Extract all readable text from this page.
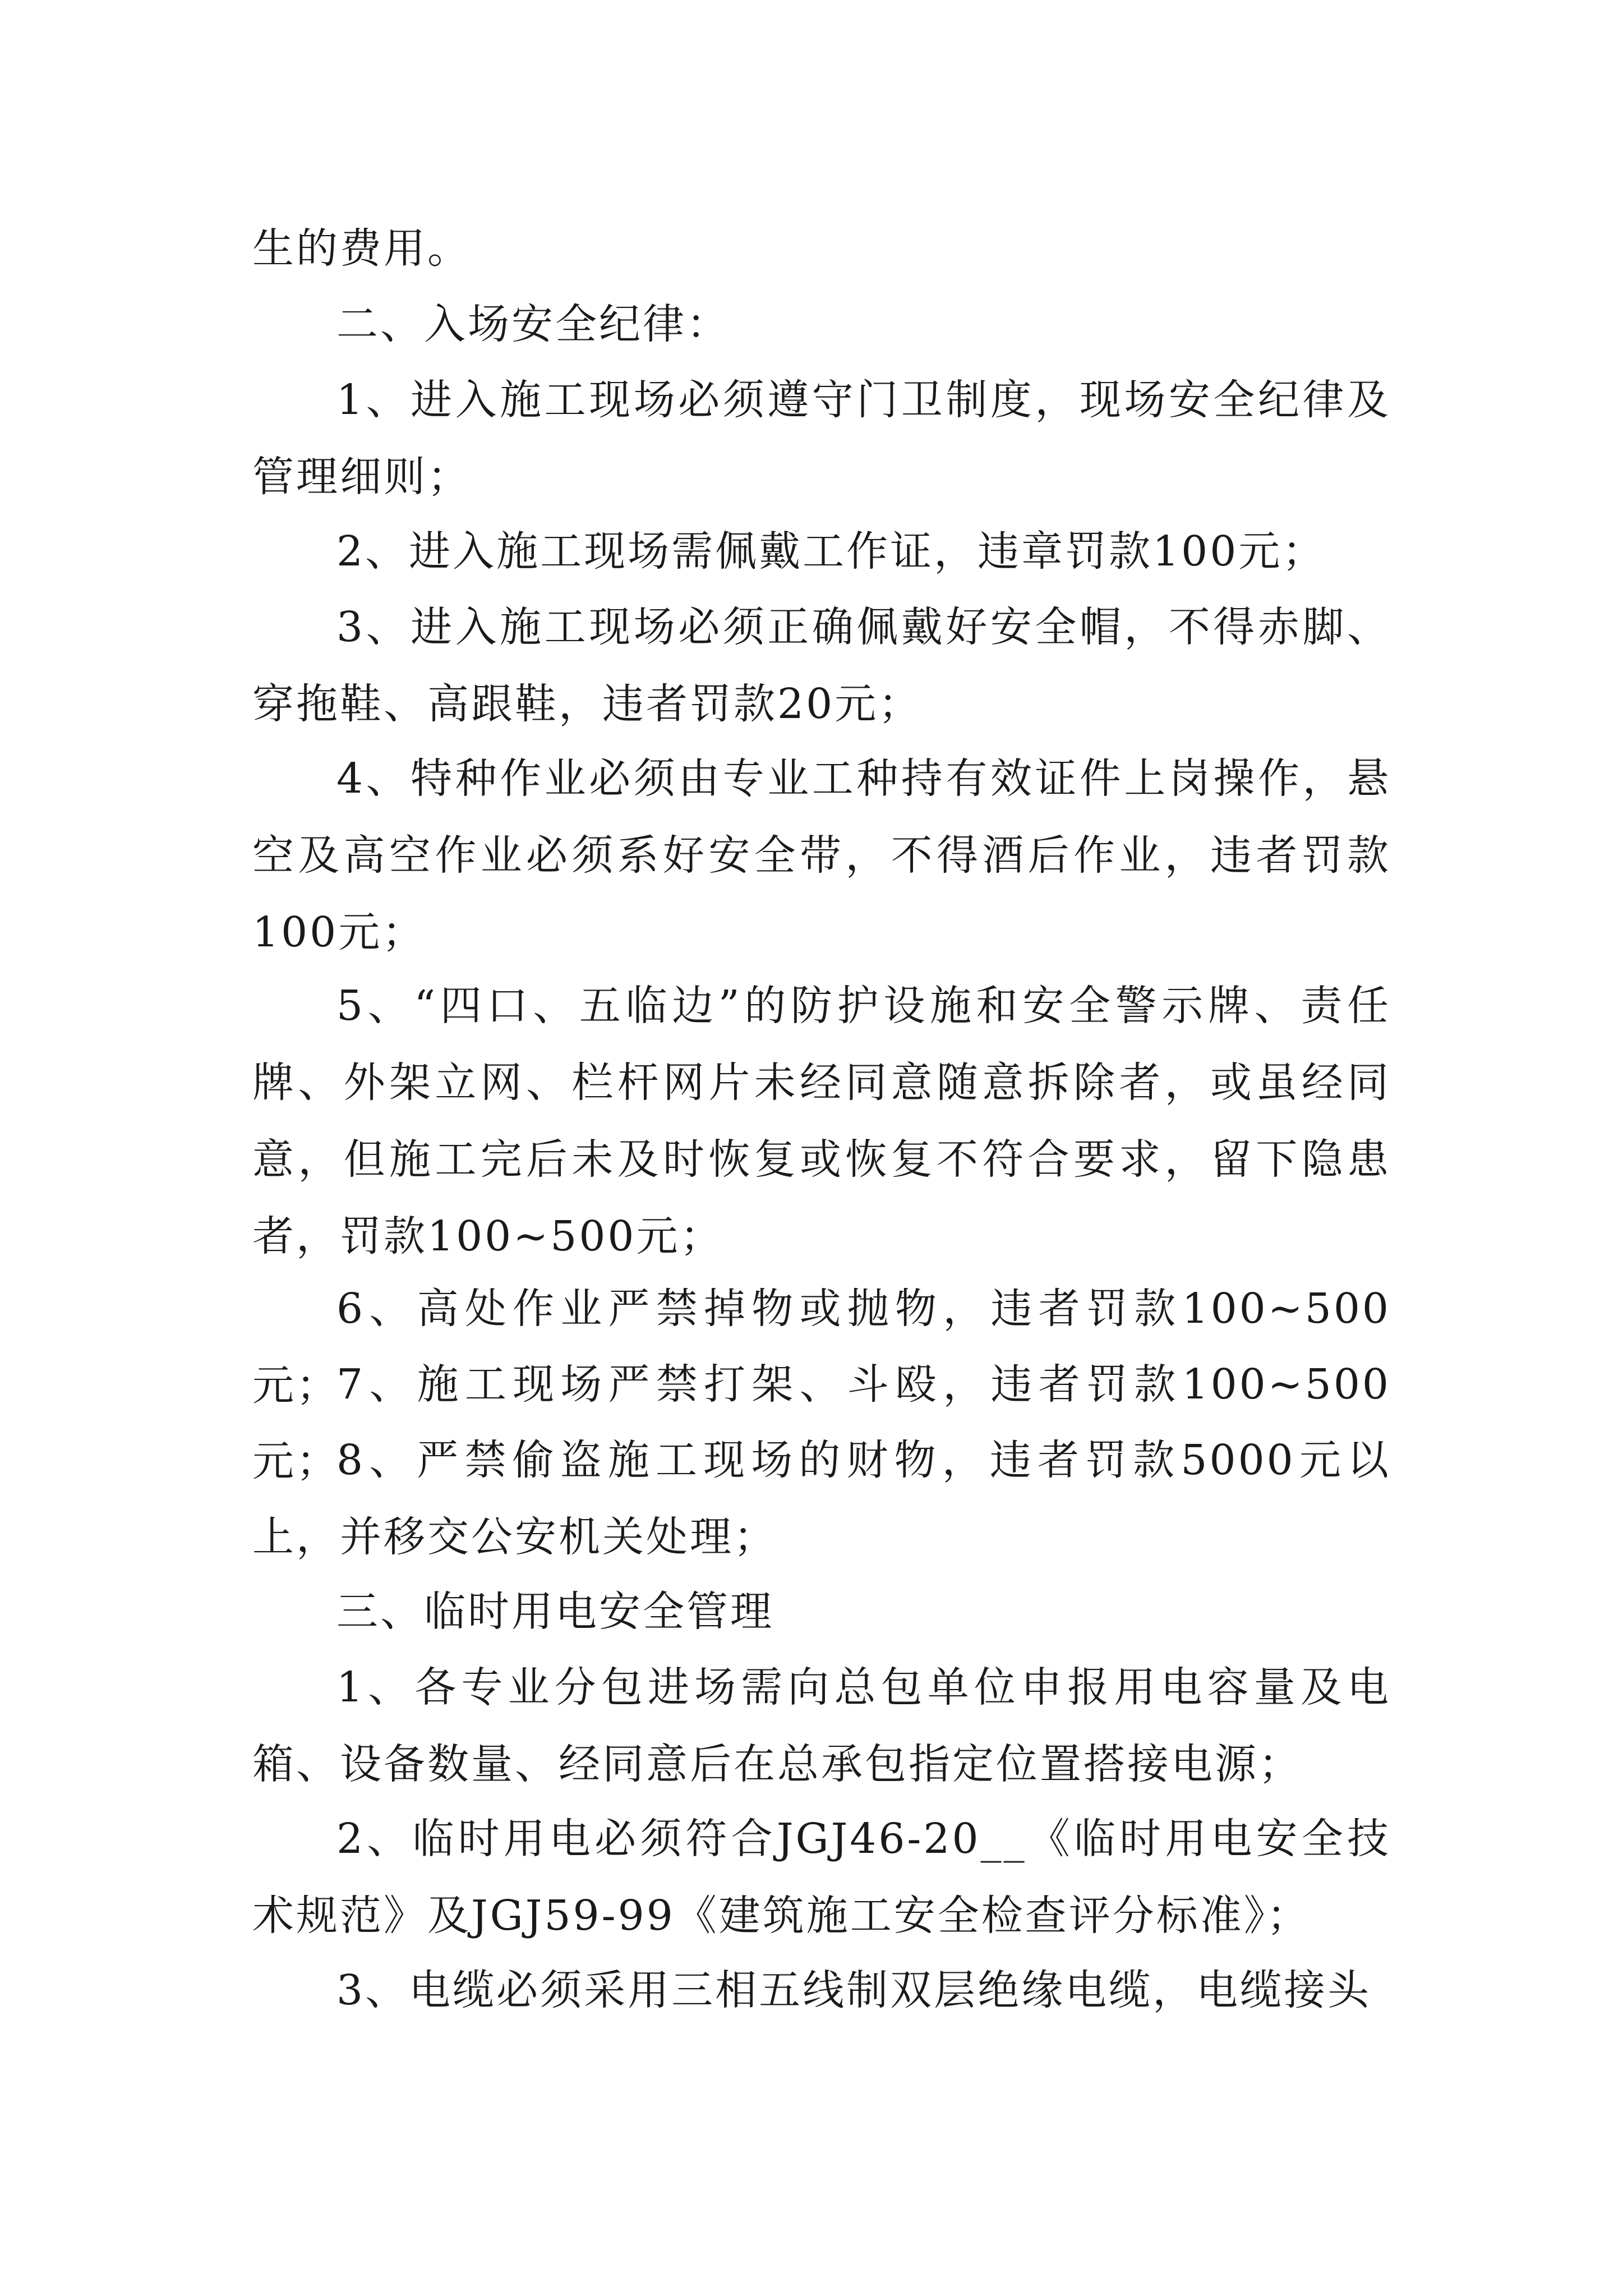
生的费用。

二、入场安全纪律：

1、进入施工现场必须遵守门卫制度，现场安全纪律及管理细则；

2、进入施工现场需佩戴工作证，违章罚款100元；

3、进入施工现场必须正确佩戴好安全帽，不得赤脚、穿拖鞋、高跟鞋，违者罚款20元；

4、特种作业必须由专业工种持有效证件上岗操作，悬空及高空作业必须系好安全带，不得酒后作业，违者罚款100元；

5、“四口、五临边”的防护设施和安全警示牌、责任牌、外架立网、栏杆网片未经同意随意拆除者，或虽经同意，但施工完后未及时恢复或恢复不符合要求，留下隐患者，罚款100~500元；

6、高处作业严禁掉物或抛物，违者罚款100~500元；

7、施工现场严禁打架、斗殴，违者罚款100~500元；

8、严禁偷盗施工现场的财物，违者罚款5000元以上，并移交公安机关处理；

三、临时用电安全管理

1、各专业分包进场需向总包单位申报用电容量及电箱、设备数量、经同意后在总承包指定位置搭接电源；

2、临时用电必须符合JGJ46-20__《临时用电安全技术规范》及JGJ59-99《建筑施工安全检查评分标准》；

3、电缆必须采用三相五线制双层绝缘电缆，电缆接头
